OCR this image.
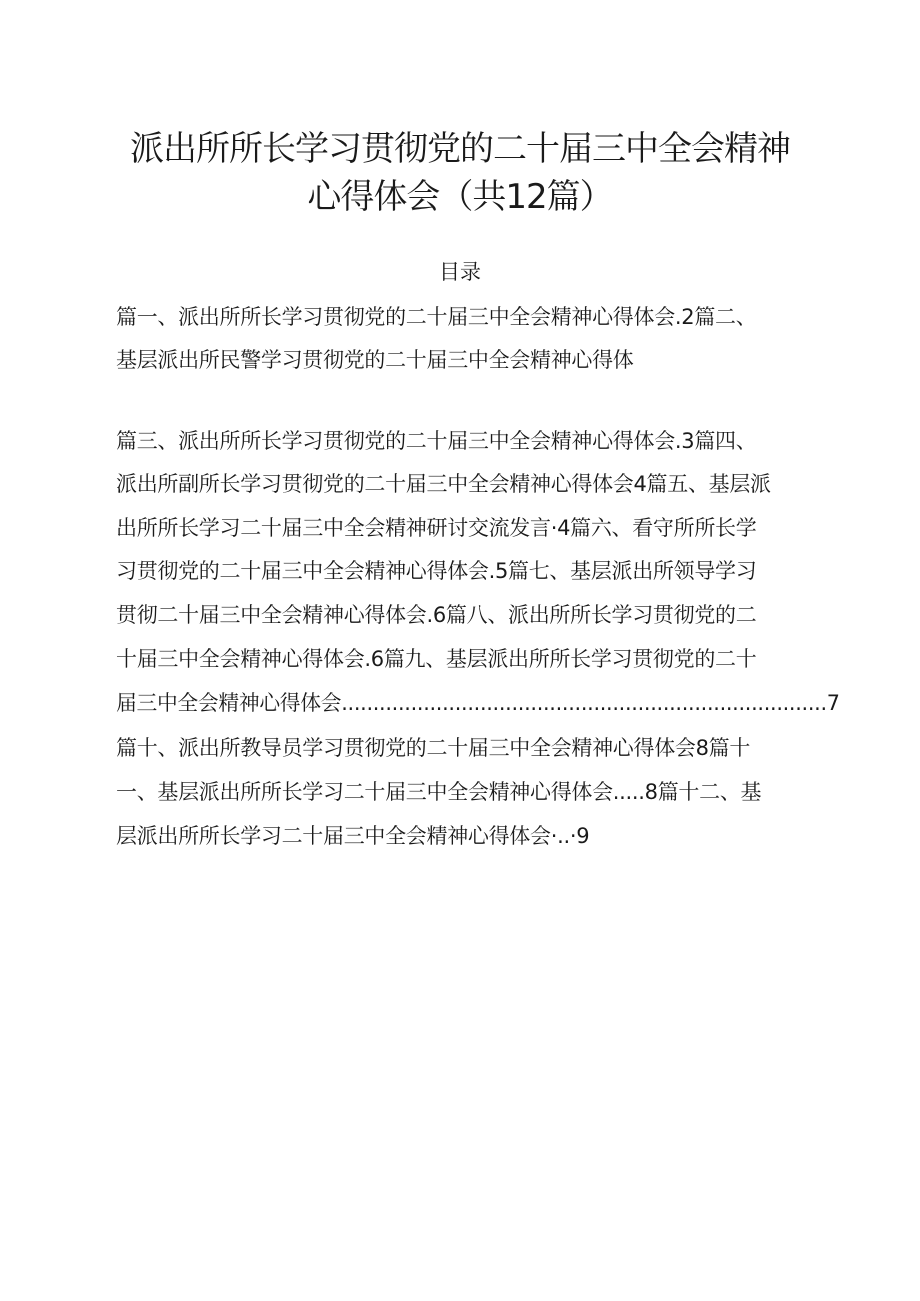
派出所所长学习贯彻党的二十届三中全会精神
心得体会（共12篇）
目录
篇一、派出所所长学习贯彻党的二十届三中全会精神心得体会.2篇二、
基层派出所民警学习贯彻党的二十届三中全会精神心得体
篇三、派出所所长学习贯彻党的二十届三中全会精神心得体会.3篇四、
派出所副所长学习贯彻党的二十届三中全会精神心得体会4篇五、基层派
出所所长学习二十届三中全会精神研讨交流发言·4篇六、看守所所长学
习贯彻党的二十届三中全会精神心得体会.5篇七、基层派出所领导学习
贯彻二十届三中全会精神心得体会.6篇八、派出所所长学习贯彻党的二
十届三中全会精神心得体会.6篇九、基层派出所所长学习贯彻党的二十
届三中全会精神心得体会.............................................................................7
篇十、派出所教导员学习贯彻党的二十届三中全会精神心得体会8篇十
一、基层派出所所长学习二十届三中全会精神心得体会.....8篇十二、基
层派出所所长学习二十届三中全会精神心得体会·..·9
